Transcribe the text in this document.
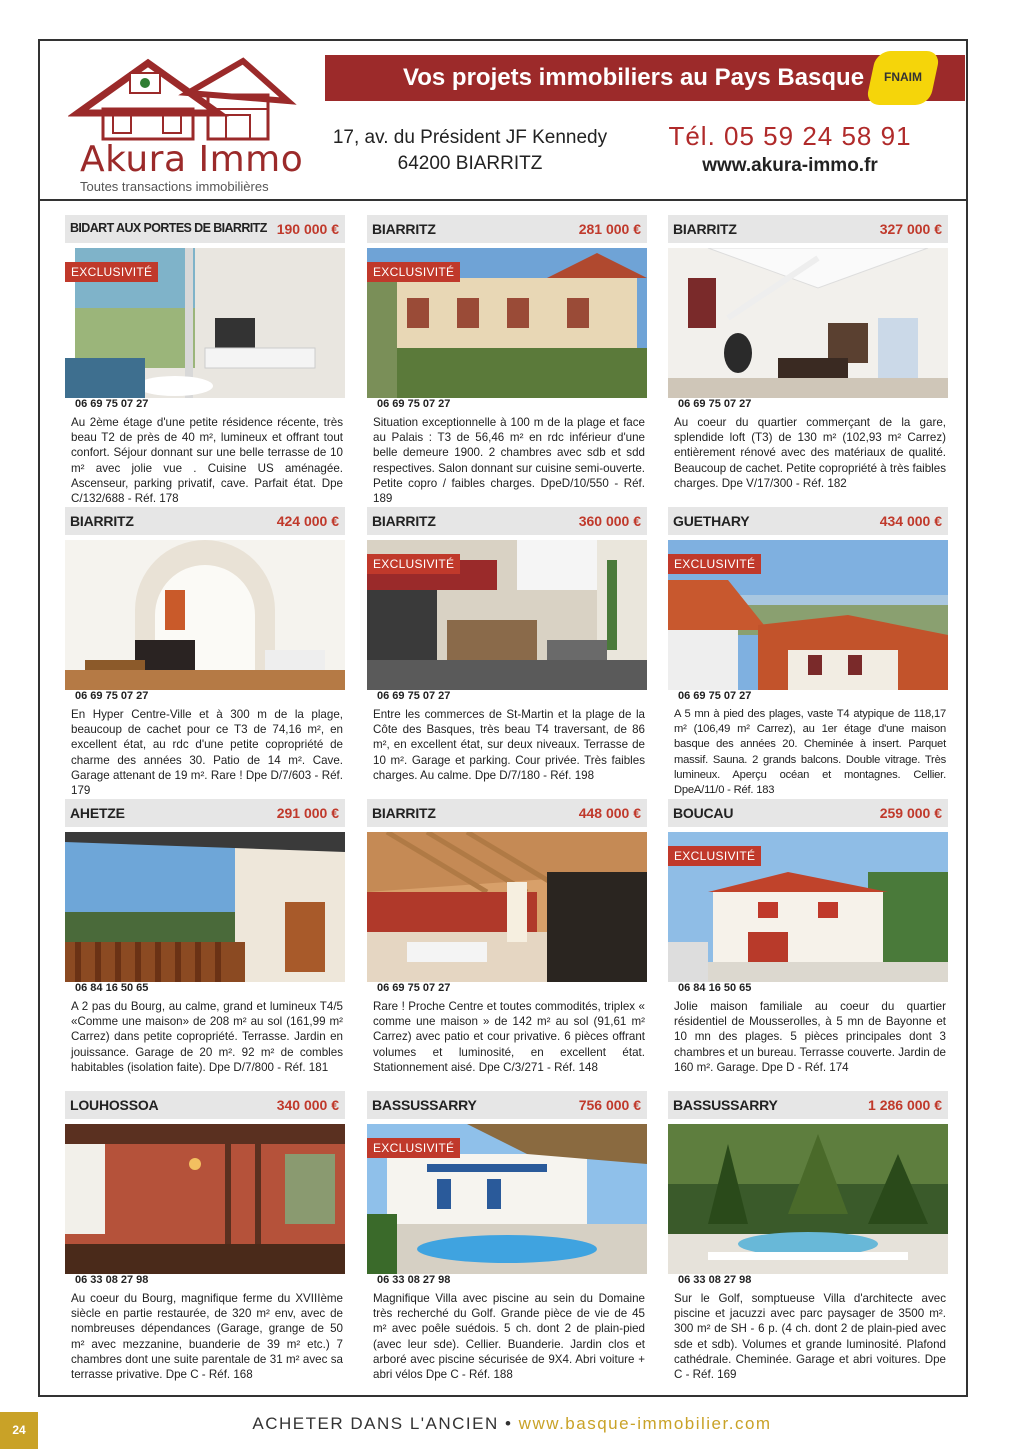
Akura Immo
Toutes transactions immobilières
Vos projets immobiliers au Pays Basque	FNAIM
17, av. du Président JF Kennedy
64200 BIARRITZ
Tél. 05 59 24 58 91
www.akura-immo.fr
BIDART AUX PORTES DE BIARRITZ 190 000 €
EXCLUSIVITÉ
06 69 75 07 27
Au 2ème étage d'une petite résidence récente, très beau T2 de près de 40 m², lumineux et offrant tout confort. Séjour donnant sur une belle terrasse de 10 m² avec jolie vue . Cuisine US aménagée. Ascenseur, parking privatif, cave. Parfait état. Dpe C/132/688 - Réf. 178
BIARRITZ	281 000 €
EXCLUSIVITÉ
06 69 75 07 27
Situation exceptionnelle à 100 m de la plage et face au Palais : T3 de 56,46 m² en rdc inférieur d'une belle demeure 1900. 2 chambres avec sdb et sdd respectives. Salon donnant sur cuisine semi-ouverte. Petite copro / faibles charges. DpeD/10/550 - Réf. 189
BIARRITZ	327 000 €
06 69 75 07 27
Au coeur du quartier commerçant de la gare, splendide loft (T3) de 130 m² (102,93 m² Carrez) entièrement rénové avec des matériaux de qualité. Beaucoup de cachet. Petite copropriété à très faibles charges. Dpe V/17/300 - Réf. 182
BIARRITZ	424 000 €
06 69 75 07 27
En Hyper Centre-Ville et à 300 m de la plage, beaucoup de cachet pour ce T3 de 74,16 m², en excellent état, au rdc d'une petite copropriété de charme des années 30. Patio de 14 m². Cave. Garage attenant de 19 m². Rare ! Dpe D/7/603 - Réf. 179
BIARRITZ	360 000 €
EXCLUSIVITÉ
06 69 75 07 27
Entre les commerces de St-Martin et la plage de la Côte des Basques, très beau T4 traversant, de 86 m², en excellent état, sur deux niveaux. Terrasse de 10 m². Garage et parking. Cour privée. Très faibles charges. Au calme. Dpe D/7/180 - Réf. 198
GUETHARY	434 000 €
EXCLUSIVITÉ
06 69 75 07 27
A 5 mn à pied des plages, vaste T4 atypique de 118,17 m² (106,49 m² Carrez), au 1er étage d'une maison basque des années 20. Cheminée à insert. Parquet massif. Sauna. 2 grands balcons. Double vitrage. Très lumineux. Aperçu océan et montagnes. Cellier. DpeA/11/0 - Réf. 183
AHETZE	291 000 €
06 84 16 50 65
A 2 pas du Bourg, au calme, grand et lumineux T4/5 «Comme une maison» de 208 m² au sol (161,99 m² Carrez) dans petite copropriété. Terrasse. Jardin en jouissance. Garage de 20 m². 92 m² de combles habitables (isolation faite). Dpe D/7/800 - Réf. 181
BIARRITZ	448 000 €
06 69 75 07 27
Rare ! Proche Centre et toutes commodités, triplex « comme une maison » de 142 m² au sol (91,61 m² Carrez) avec patio et cour privative. 6 pièces offrant volumes et luminosité, en excellent état. Stationnement aisé. Dpe C/3/271 - Réf. 148
BOUCAU	259 000 €
EXCLUSIVITÉ
06 84 16 50 65
Jolie maison familiale au coeur du quartier résidentiel de Mousserolles, à 5 mn de Bayonne et 10 mn des plages. 5 pièces principales dont 3 chambres et un bureau. Terrasse couverte. Jardin de 160 m². Garage. Dpe D - Réf. 174
LOUHOSSOA	340 000 €
06 33 08 27 98
Au coeur du Bourg, magnifique ferme du XVIIIème siècle en partie restaurée, de 320 m² env, avec de nombreuses dépendances (Garage, grange de 50 m² avec mezzanine, buanderie de 39 m² etc.) 7 chambres dont une suite parentale de 31 m² avec sa terrasse privative. Dpe C - Réf. 168
BASSUSSARRY	756 000 €
EXCLUSIVITÉ
06 33 08 27 98
Magnifique Villa avec piscine au sein du Domaine très recherché du Golf. Grande pièce de vie de 45 m² avec poêle suédois. 5 ch. dont 2 de plain-pied (avec leur sde). Cellier. Buanderie. Jardin clos et arboré avec piscine sécurisée de 9X4. Abri voiture + abri vélos Dpe C - Réf. 188
BASSUSSARRY	1 286 000 €
06 33 08 27 98
Sur le Golf, somptueuse Villa d'architecte avec piscine et jacuzzi avec parc paysager de 3500 m². 300 m² de SH - 6 p. (4 ch. dont 2 de plain-pied avec sde et sdb). Volumes et grande luminosité. Plafond cathédrale. Cheminée. Garage et abri voitures. Dpe C - Réf. 169
24	ACHETER DANS L'ANCIEN • www.basque-immobilier.com
